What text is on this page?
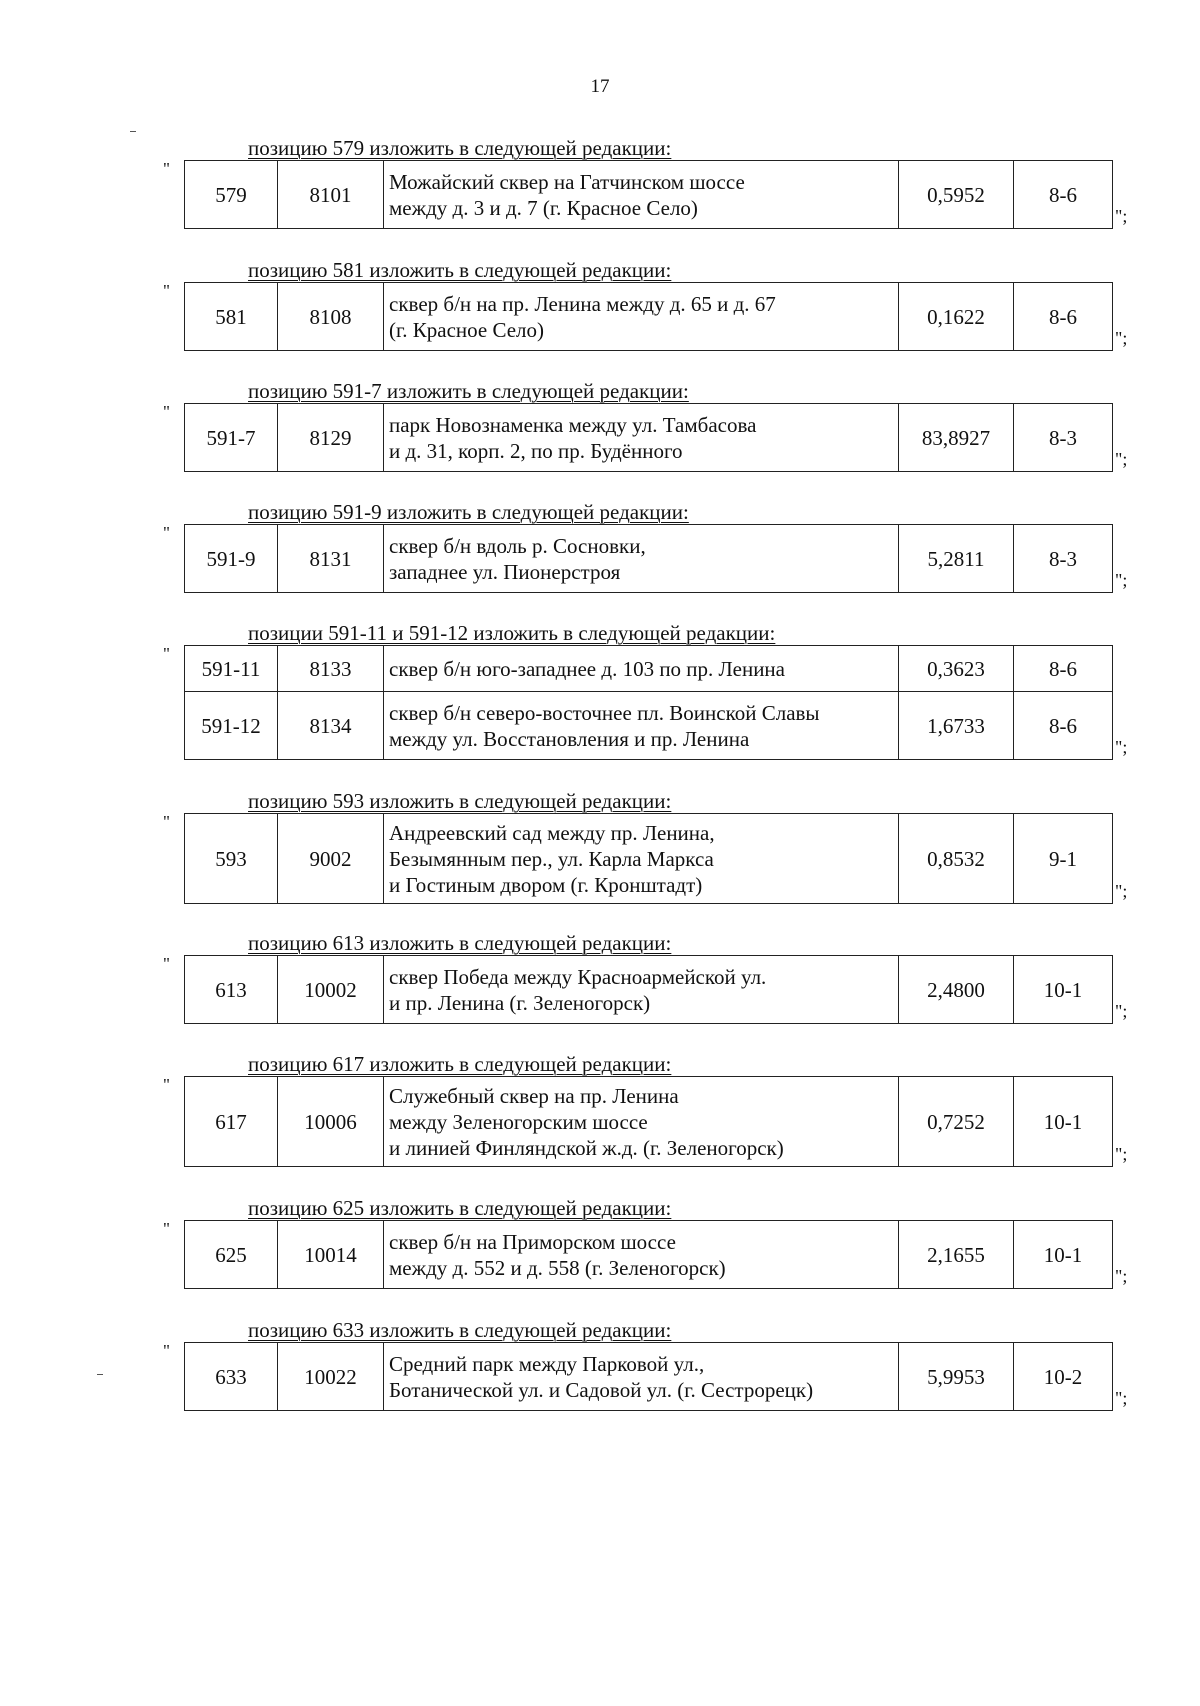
17
позицию 579 изложить в следующей редакции:
"
579	8101	Можайский сквер на Гатчинском шоссе
между д. 3 и д. 7 (г. Красное Село)	0,5952	8-6
";
позицию 581 изложить в следующей редакции:
"
581	8108	сквер б/н на пр. Ленина между д. 65 и д. 67
(г. Красное Село)	0,1622	8-6
";
позицию 591-7 изложить в следующей редакции:
"
591-7	8129	парк Новознаменка между ул. Тамбасова
и д. 31, корп. 2, по пр. Будённого	83,8927	8-3
";
позицию 591-9 изложить в следующей редакции:
"
591-9	8131	сквер б/н вдоль р. Сосновки,
западнее ул. Пионерстроя	5,2811	8-3
";
позиции 591-11 и 591-12 изложить в следующей редакции:
"
591-11	8133	сквер б/н юго-западнее д. 103 по пр. Ленина	0,3623	8-6
591-12	8134	сквер б/н северо-восточнее пл. Воинской Славы
между ул. Восстановления и пр. Ленина	1,6733	8-6
";
позицию 593 изложить в следующей редакции:
"
593	9002	Андреевский сад между пр. Ленина,
Безымянным пер., ул. Карла Маркса
и Гостиным двором (г. Кронштадт)	0,8532	9-1
";
позицию 613 изложить в следующей редакции:
"
613	10002	сквер Победа между Красноармейской ул.
и пр. Ленина (г. Зеленогорск)	2,4800	10-1
";
позицию 617 изложить в следующей редакции:
"
617	10006	Служебный сквер на пр. Ленина
между Зеленогорским шоссе
и линией Финляндской ж.д. (г. Зеленогорск)	0,7252	10-1
";
позицию 625 изложить в следующей редакции:
"
625	10014	сквер б/н на Приморском шоссе
между д. 552 и д. 558 (г. Зеленогорск)	2,1655	10-1
";
позицию 633 изложить в следующей редакции:
"
633	10022	Средний парк между Парковой ул.,
Ботанической ул. и Садовой ул. (г. Сестрорецк)	5,9953	10-2
";
